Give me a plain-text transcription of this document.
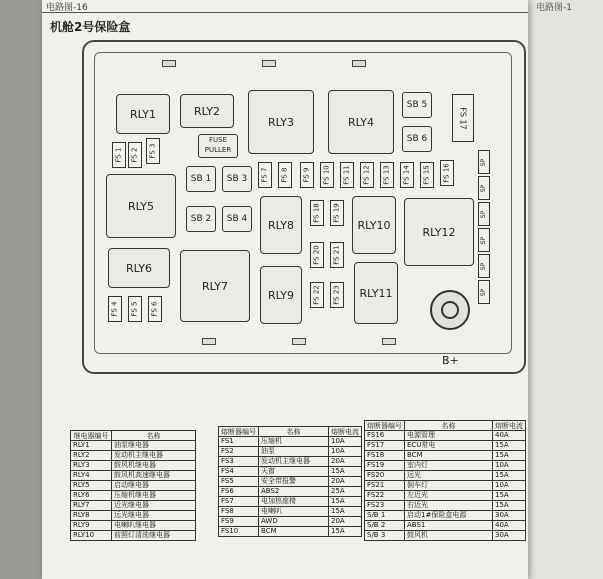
电路图-1
电路图-16
机舱2号保险盒
RLY1	RLY2
RLY3	RLY4
RLY5
RLY6
RLY7
RLY8
RLY9
RLY10
RLY11
RLY12
SB 1
SB 2
SB 3
SB 4
SB 5
SB 6
FUSE
PULLER
FS 1 FS 2 FS 3
FS 4 FS 5 FS 6
FS 7 FS 8 FS 9 FS 10 FS 11 FS 12 FS 13 FS 14 FS 15 FS 16
FS 18 FS 19
FS 20 FS 21
FS 22 FS 23
FS 17
SP
SP
SP
SP
SP
SP
B+
继电器编号	名称
RLY1	油泵继电器
RLY2	发动机主继电器
RLY3	鼓风机继电器
RLY4	鼓风机高速继电器
RLY5	启动继电器
RLY6	压缩机继电器
RLY7	近光继电器
RLY8	远光继电器
RLY9	电喇叭继电器
RLY10	前照灯清洗继电器
熔断器编号	名称	熔断电流
FS1	压缩机	10A
FS2	油泵	10A
FS3	发动机主继电器	20A
FS4	天窗	15A
FS5	安全带报警	20A
FS6	ABS2	25A
FS7	电加热座椅	15A
FS8	电喇叭	15A
FS9	AWD	20A
FS10	BCM	15A
熔断器编号	名称	熔断电流
FS16	电源管理	40A
FS17	ECU常电	15A
FS18	BCM	15A
FS19	室内灯	10A
FS20	远光	15A
FS21	倒车灯	10A
FS22	左近光	15A
FS23	右近光	15A
S/B 1	启动1#保险盒电源	30A
S/B 2	ABS1	40A
S/B 3	鼓风机	30A
